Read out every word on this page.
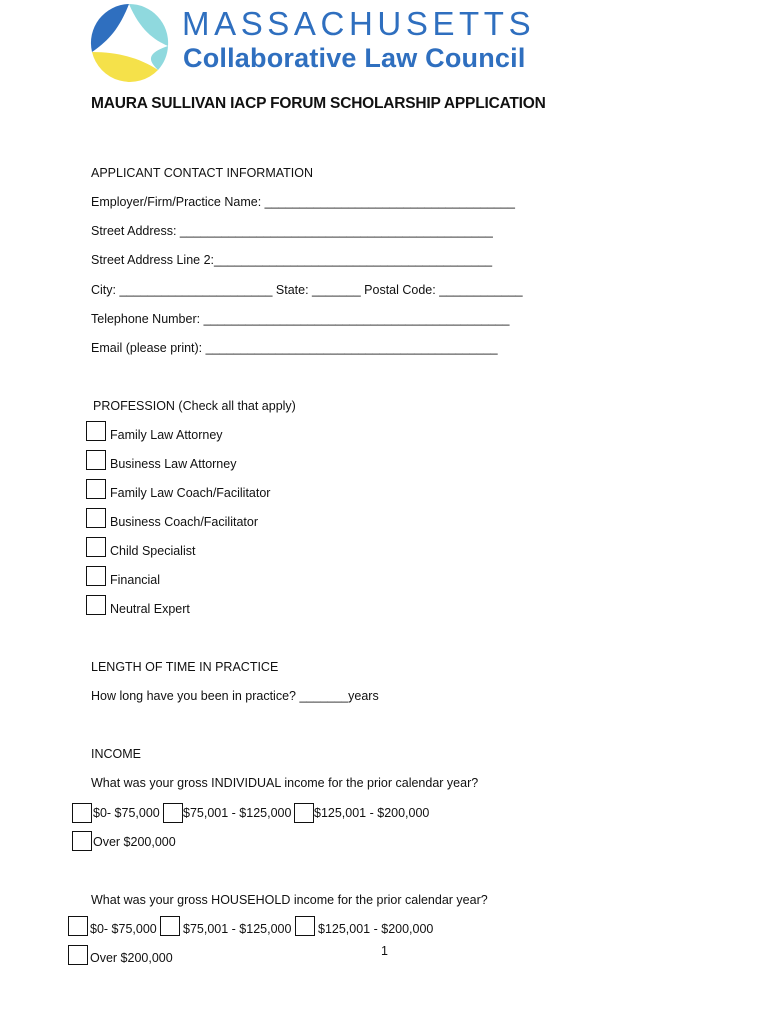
MASSACHUSETTS
Collaborative Law Council
MAURA SULLIVAN IACP FORUM SCHOLARSHIP APPLICATION
APPLICANT CONTACT INFORMATION
Employer/Firm/Practice Name: ____________________________________
Street Address: _____________________________________________
Street Address Line 2:________________________________________
City: ______________________ State: _______ Postal Code: ____________
Telephone Number: ____________________________________________
Email (please print): __________________________________________
PROFESSION (Check all that apply)
Family Law Attorney
Business Law Attorney
Family Law Coach/Facilitator
Business Coach/Facilitator
Child Specialist
Financial
Neutral Expert
LENGTH OF TIME IN PRACTICE
How long have you been in practice? _______years
INCOME
What was your gross INDIVIDUAL income for the prior calendar year?
$0- $75,000 $75,001 - $125,000 $125,001 - $200,000
Over $200,000
What was your gross HOUSEHOLD income for the prior calendar year?
$0- $75,000 $75,001 - $125,000 $125,001 - $200,000
Over $200,000	1
